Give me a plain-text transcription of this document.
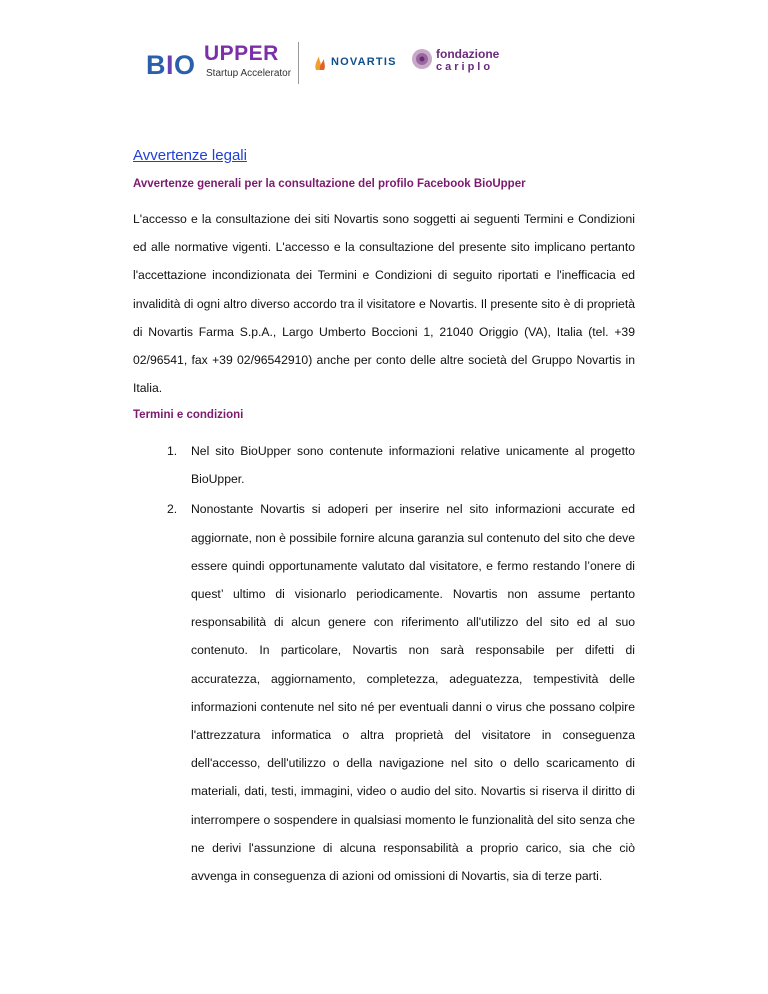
BIO UPPER
Startup Accelerator
NOVARTIS
fondazione
cariplo
Avvertenze legali
Avvertenze generali per la consultazione del profilo Facebook BioUpper

L'accesso e la consultazione dei siti Novartis sono soggetti ai seguenti Termini e Condizioni ed alle normative vigenti. L'accesso e la consultazione del presente sito implicano pertanto l'accettazione incondizionata dei Termini e Condizioni di seguito riportati e l'inefficacia ed invalidità di ogni altro diverso accordo tra il visitatore e Novartis. Il presente sito è di proprietà di Novartis Farma S.p.A., Largo Umberto Boccioni 1, 21040 Origgio (VA), Italia (tel. +39 02/96541, fax +39 02/96542910) anche per conto delle altre società del Gruppo Novartis in Italia.

Termini e condizioni
1. Nel sito BioUpper sono contenute informazioni relative unicamente al progetto BioUpper.
2. Nonostante Novartis si adoperi per inserire nel sito informazioni accurate ed aggiornate, non è possibile fornire alcuna garanzia sul contenuto del sito che deve essere quindi opportunamente valutato dal visitatore, e fermo restando l’onere di quest’ ultimo di visionarlo periodicamente. Novartis non assume pertanto responsabilità di alcun genere con riferimento all'utilizzo del sito ed al suo contenuto. In particolare, Novartis non sarà responsabile per difetti di accuratezza, aggiornamento, completezza, adeguatezza, tempestività delle informazioni contenute nel sito né per eventuali danni o virus che possano colpire l'attrezzatura informatica o altra proprietà del visitatore in conseguenza dell'accesso, dell'utilizzo o della navigazione nel sito o dello scaricamento di materiali, dati, testi, immagini, video o audio del sito. Novartis si riserva il diritto di interrompere o sospendere in qualsiasi momento le funzionalità del sito senza che ne derivi l'assunzione di alcuna responsabilità a proprio carico, sia che ciò avvenga in conseguenza di azioni od omissioni di Novartis, sia di terze parti.
